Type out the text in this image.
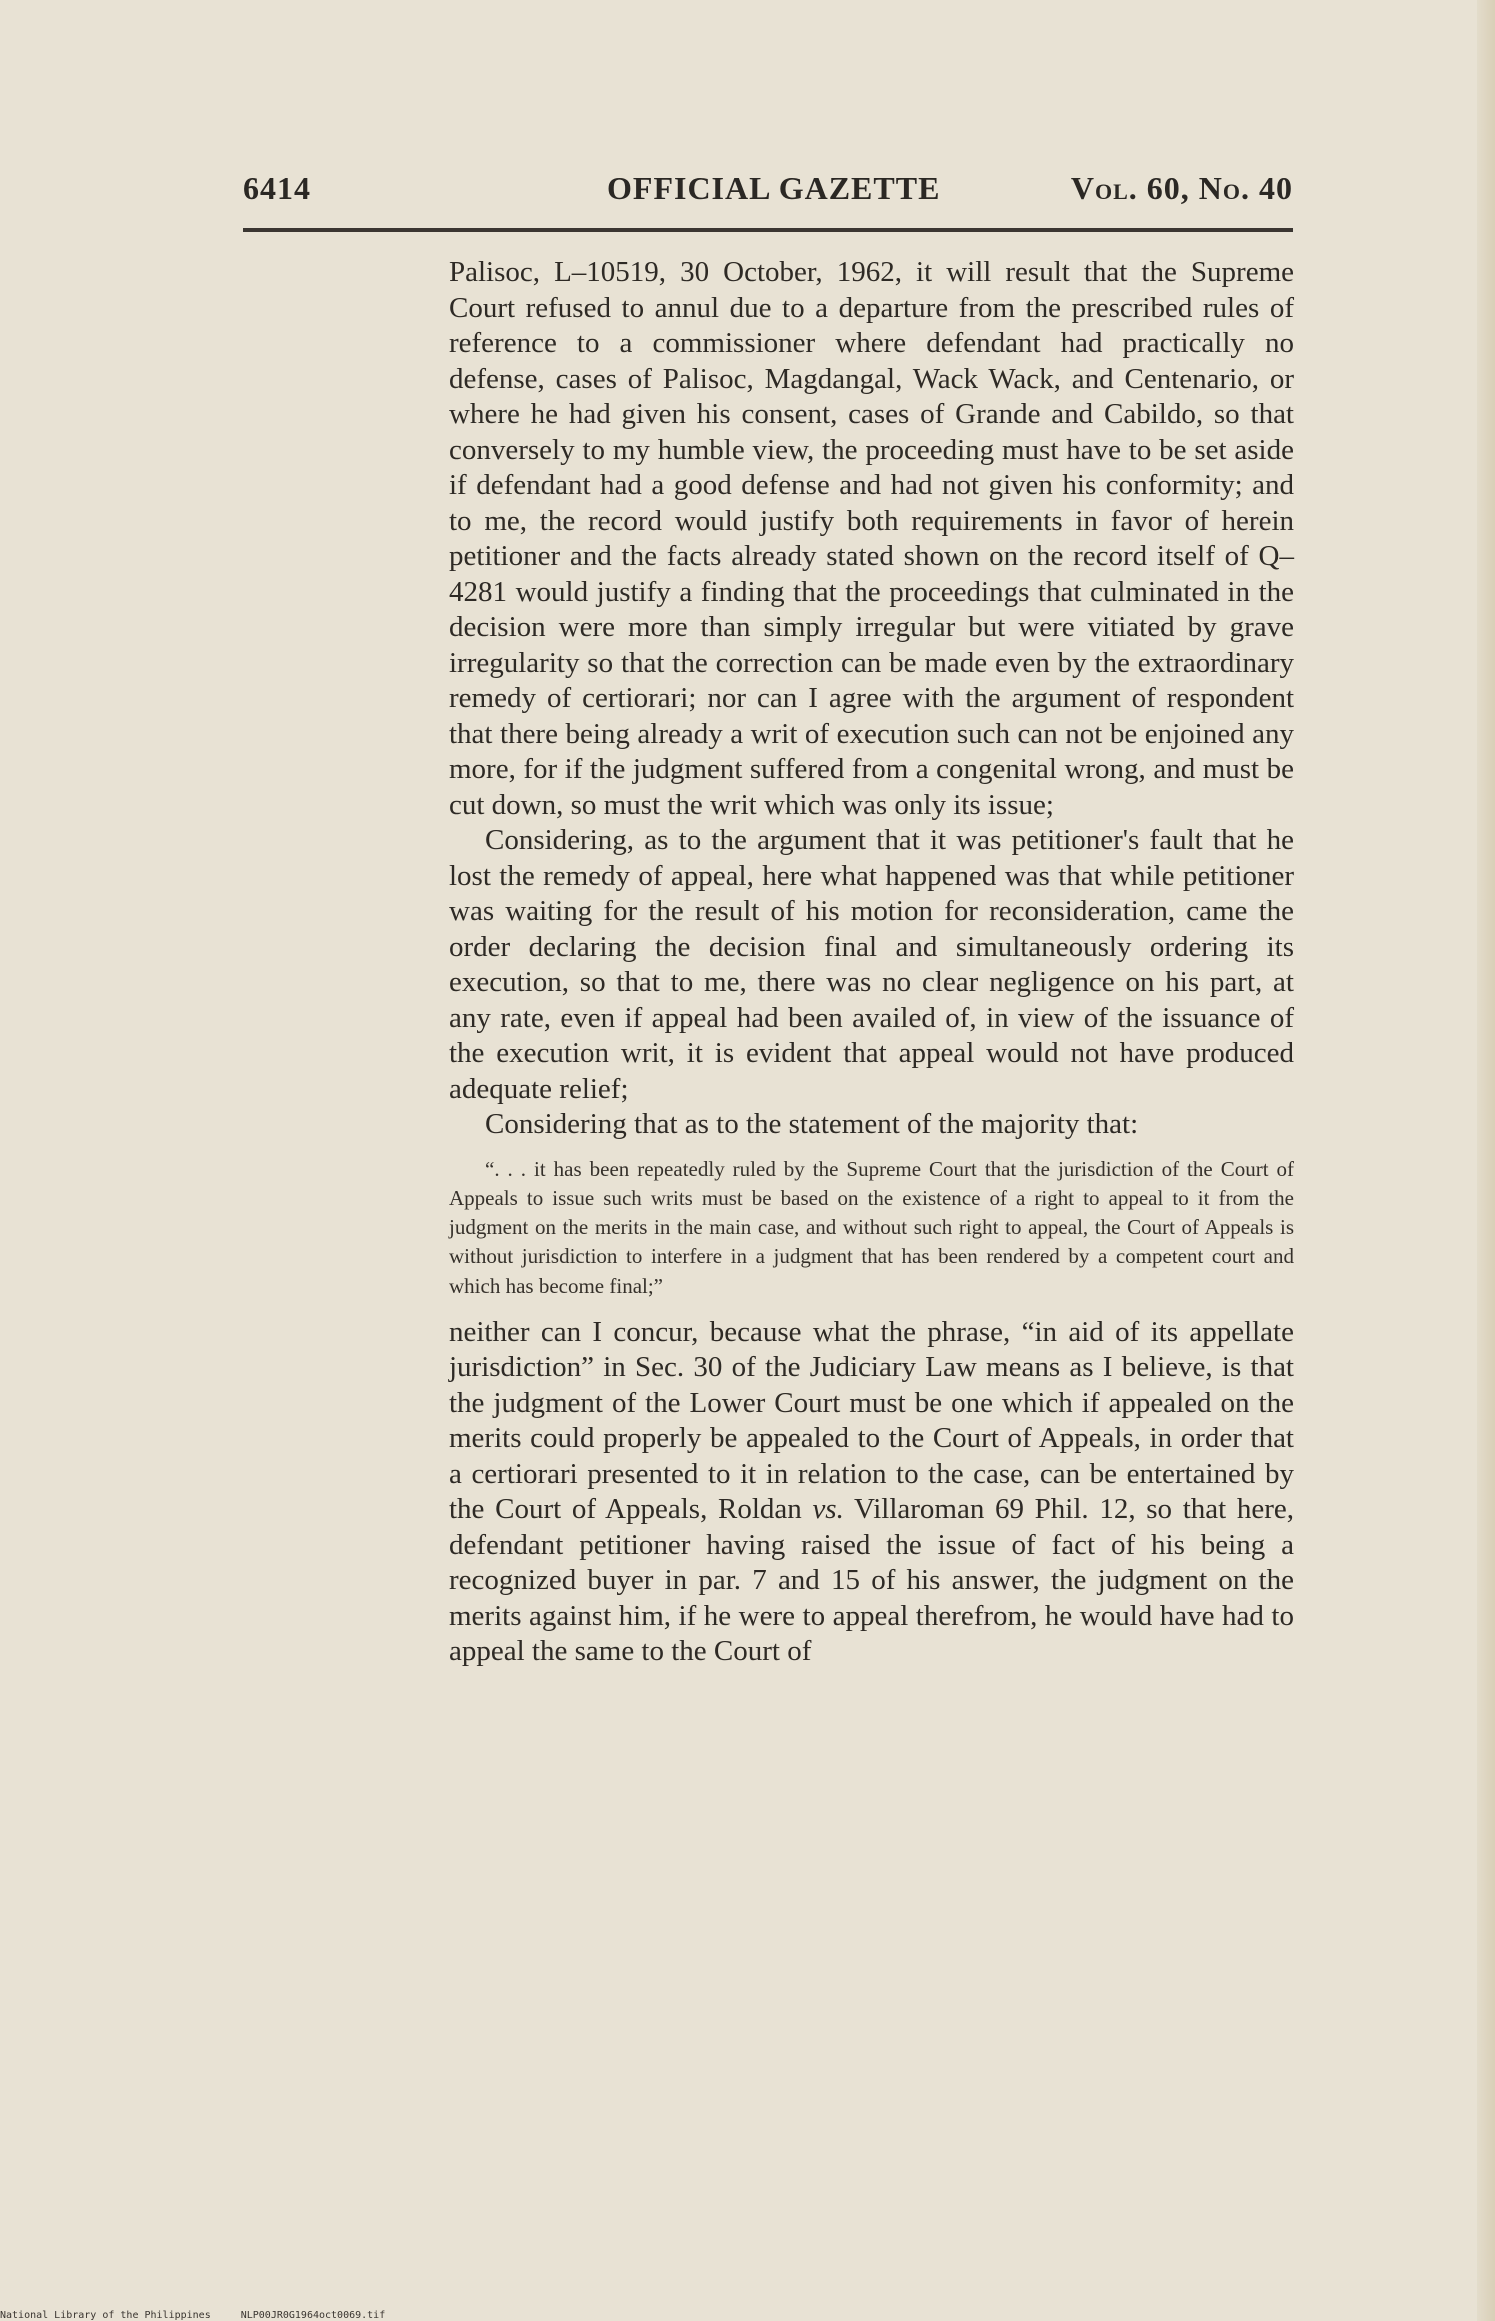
6414	OFFICIAL GAZETTE	Vol. 60, No. 40

Palisoc, L–10519, 30 October, 1962, it will result that the Supreme Court refused to annul due to a departure from the prescribed rules of reference to a commissioner where defendant had practically no defense, cases of Palisoc, Magdangal, Wack Wack, and Centenario, or where he had given his consent, cases of Grande and Cabildo, so that conversely to my humble view, the proceeding must have to be set aside if defendant had a good defense and had not given his conformity; and to me, the record would justify both requirements in favor of herein petitioner and the facts already stated shown on the record itself of Q–4281 would justify a finding that the proceedings that culminated in the decision were more than simply irregular but were vitiated by grave irregularity so that the correction can be made even by the extraordinary remedy of certiorari; nor can I agree with the argument of respondent that there being already a writ of execution such can not be enjoined any more, for if the judgment suffered from a congenital wrong, and must be cut down, so must the writ which was only its issue;

Considering, as to the argument that it was petitioner's fault that he lost the remedy of appeal, here what happened was that while petitioner was waiting for the result of his motion for reconsideration, came the order declaring the decision final and simultaneously ordering its execution, so that to me, there was no clear negligence on his part, at any rate, even if appeal had been availed of, in view of the issuance of the execution writ, it is evident that appeal would not have produced adequate relief;

Considering that as to the statement of the majority that:

“. . . it has been repeatedly ruled by the Supreme Court that the jurisdiction of the Court of Appeals to issue such writs must be based on the existence of a right to appeal to it from the judgment on the merits in the main case, and without such right to appeal, the Court of Appeals is without jurisdiction to interfere in a judgment that has been rendered by a competent court and which has become final;”

neither can I concur, because what the phrase, “in aid of its appellate jurisdiction” in Sec. 30 of the Judiciary Law means as I believe, is that the judgment of the Lower Court must be one which if appealed on the merits could properly be appealed to the Court of Appeals, in order that a certiorari presented to it in relation to the case, can be entertained by the Court of Appeals, Roldan vs. Villaroman 69 Phil. 12, so that here, defendant petitioner having raised the issue of fact of his being a recognized buyer in par. 7 and 15 of his answer, the judgment on the merits against him, if he were to appeal therefrom, he would have had to appeal the same to the Court of

National Library of the Philippines	NLP00JR0G1964oct0069.tif
